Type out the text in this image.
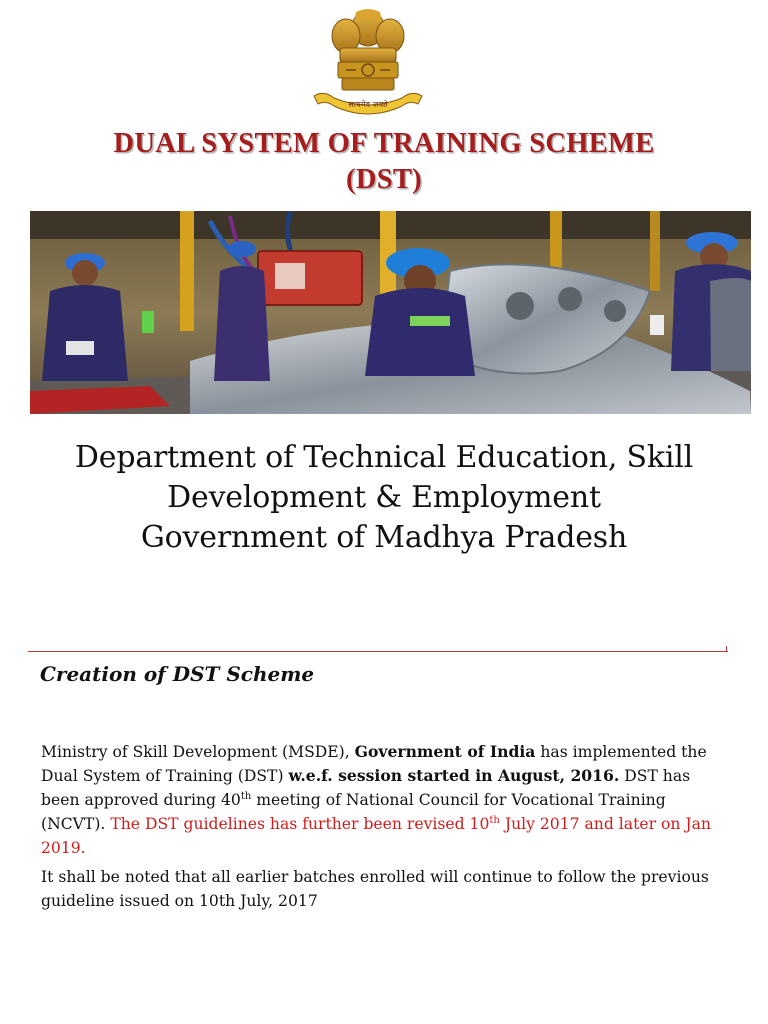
सत्यमेव जयते
DUAL SYSTEM OF TRAINING SCHEME
(DST)
Department of Technical Education, Skill
Development & Employment
Government of Madhya Pradesh
Creation of DST Scheme
Ministry of Skill Development (MSDE), Government of India has implemented the Dual System of Training (DST) w.e.f. session started in August, 2016. DST has been approved during 40th meeting of National Council for Vocational Training (NCVT). The DST guidelines has further been revised 10th July 2017 and later on Jan 2019.
It shall be noted that all earlier batches enrolled will continue to follow the previous guideline issued on 10th July, 2017
